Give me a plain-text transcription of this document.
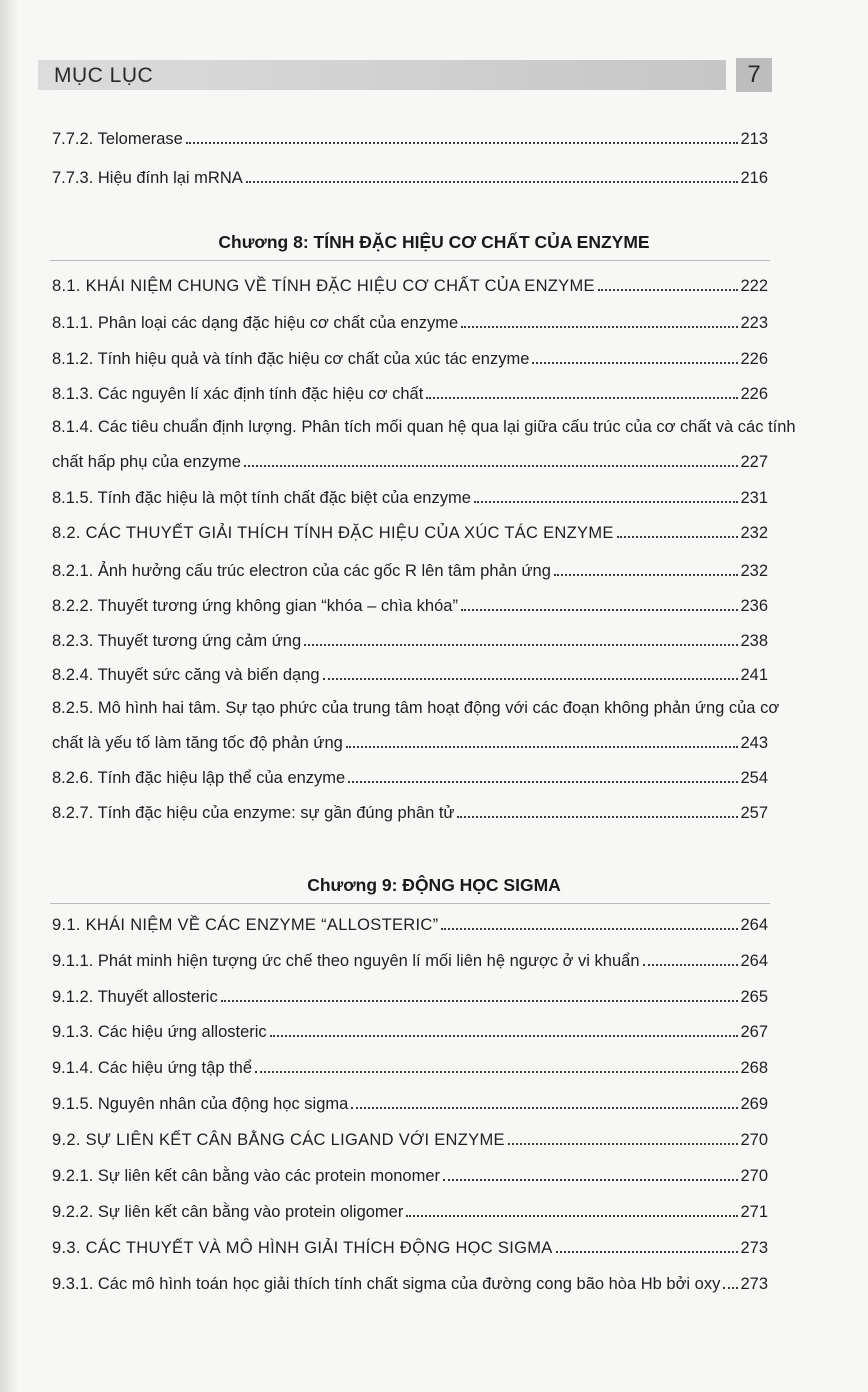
MỤC LỤC	7
7.7.2. Telomerase	213
7.7.3. Hiệu đính lại mRNA	216
Chương 8: TÍNH ĐẶC HIỆU CƠ CHẤT CỦA ENZYME
8.1. KHÁI NIỆM CHUNG VỀ TÍNH ĐẶC HIỆU CƠ CHẤT CỦA ENZYME	222
8.1.1. Phân loại các dạng đặc hiệu cơ chất của enzyme	223
8.1.2. Tính hiệu quả và tính đặc hiệu cơ chất của xúc tác enzyme	226
8.1.3. Các nguyên lí xác định tính đặc hiệu cơ chất	226
8.1.4. Các tiêu chuẩn định lượng. Phân tích mối quan hệ qua lại giữa cấu trúc của cơ chất và các tính
chất hấp phụ của enzyme	227
8.1.5. Tính đặc hiệu là một tính chất đặc biệt của enzyme	231
8.2. CÁC THUYẾT GIẢI THÍCH TÍNH ĐẶC HIỆU CỦA XÚC TÁC ENZYME	232
8.2.1. Ảnh hưởng cấu trúc electron của các gốc R lên tâm phản ứng	232
8.2.2. Thuyết tương ứng không gian “khóa – chìa khóa”	236
8.2.3. Thuyết tương ứng cảm ứng	238
8.2.4. Thuyết sức căng và biến dạng	241
8.2.5. Mô hình hai tâm. Sự tạo phức của trung tâm hoạt động với các đoạn không phản ứng của cơ
chất là yếu tố làm tăng tốc độ phản ứng	243
8.2.6. Tính đặc hiệu lập thể của enzyme	254
8.2.7. Tính đặc hiệu của enzyme: sự gần đúng phân tử	257
Chương 9: ĐỘNG HỌC SIGMA
9.1. KHÁI NIỆM VỀ CÁC ENZYME “ALLOSTERIC”	264
9.1.1. Phát minh hiện tượng ức chế theo nguyên lí mối liên hệ ngược ở vi khuẩn	264
9.1.2. Thuyết allosteric	265
9.1.3. Các hiệu ứng allosteric	267
9.1.4. Các hiệu ứng tập thể	268
9.1.5. Nguyên nhân của động học sigma	269
9.2. SỰ LIÊN KẾT CÂN BẰNG CÁC LIGAND VỚI ENZYME	270
9.2.1. Sự liên kết cân bằng vào các protein monomer	270
9.2.2. Sự liên kết cân bằng vào protein oligomer	271
9.3. CÁC THUYẾT VÀ MÔ HÌNH GIẢI THÍCH ĐỘNG HỌC SIGMA	273
9.3.1. Các mô hình toán học giải thích tính chất sigma của đường cong bão hòa Hb bởi oxy 273
